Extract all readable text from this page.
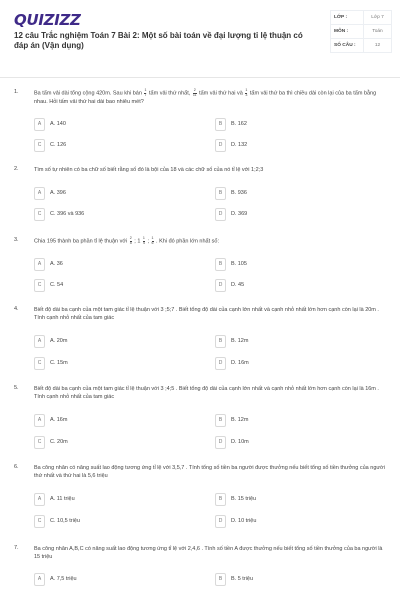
QUIZIZZ
12 câu Trắc nghiệm Toán 7 Bài 2: Một số bài toán về đại lượng tỉ lệ thuận có đáp án (Vận dụng)
LỚP :	Lớp 7
MÔN :	Toán
SỐ CÂU :	12
1.	Ba tấm vải dài tổng cộng 420m. Sau khi bán $\frac{1}{7}$ tấm vải thứ nhất, $\frac{2}{11}$ tấm vải thứ hai và $\frac{1}{3}$ tấm vải thứ ba thì chiều dài còn lại của ba tấm bằng nhau. Hỏi tấm vải thứ hai dài bao nhiêu mét?
A	A. 140	B	B. 162
C	C. 126	D	D. 132
2.	Tìm số tự nhiên có ba chữ số biết rằng số đó là bội của 18 và các chữ số của nó tỉ lệ với 1;2;3
A	A. 396	B	B. 936
C	C. 396 và 936	D	D. 369
3.	Chia 195 thành ba phần tỉ lệ thuận với $\frac{2}{5}$ ; $1 \frac{1}{4}$ ; $\frac{1}{6}$ . Khi đó phần lớn nhất số:
A	A. 36	B	B. 105
C	C. 54	D	D. 45
4.	Biết độ dài ba cạnh của một tam giác tỉ lệ thuận với 3 ;5;7 . Biết tổng độ dài của cạnh lớn nhất và cạnh nhỏ nhất lớn hơn cạnh còn lại là 20m . Tính cạnh nhỏ nhất của tam giác
A	A. 20m	B	B. 12m
C	C. 15m	D	D. 16m
5.	Biết độ dài ba cạnh của một tam giác tỉ lệ thuận với 3 ;4;5 . Biết tổng độ dài của cạnh lớn nhất và cạnh nhỏ nhất lớn hơn cạnh còn lại là 16m . Tính cạnh nhỏ nhất của tam giác
A	A. 16m	B	B. 12m
C	C. 20m	D	D. 10m
6.	Ba công nhân có năng suất lao động tương ứng tỉ lệ với 3,5,7 . Tính tổng số tiền ba người được thưởng nếu biết tổng số tiền thưởng của người thứ nhất và thứ hai là 5,6 triệu
A	A. 11 triệu	B	B. 15 triệu
C	C. 10,5 triệu	D	D. 10 triệu
7.	Ba công nhân A,B,C có năng suất lao động tương ứng tỉ lệ với 2,4,6 . Tính số tiền A được thưởng nếu biết tổng số tiền thưởng của ba người là 15 triệu
A	A. 7,5 triệu	B	B. 5 triệu
